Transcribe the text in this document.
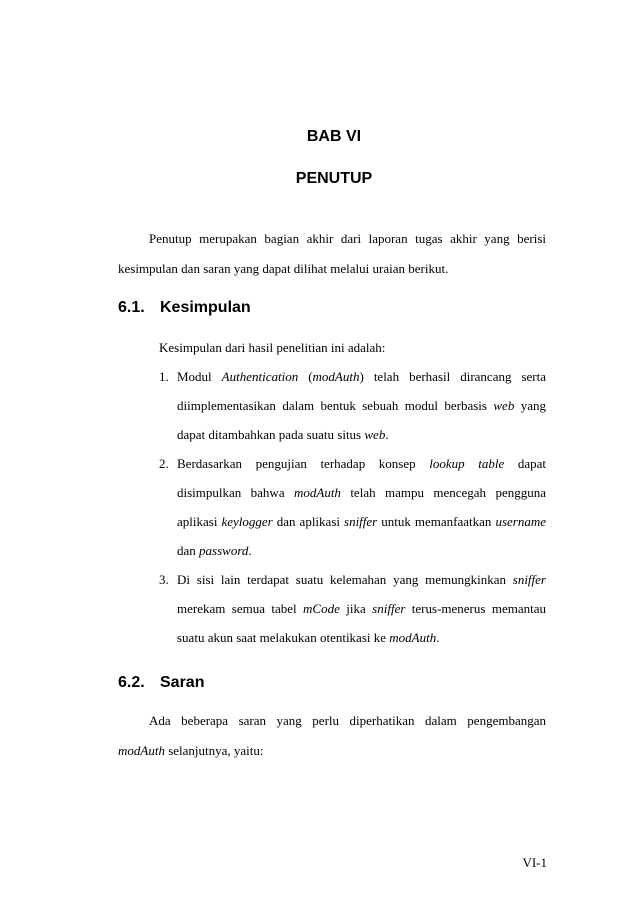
BAB VI
PENUTUP
Penutup merupakan bagian akhir dari laporan tugas akhir yang berisi
kesimpulan dan saran yang dapat dilihat melalui uraian berikut.
6.1. Kesimpulan
Kesimpulan dari hasil penelitian ini adalah:
1. Modul Authentication (modAuth) telah berhasil dirancang serta
diimplementasikan dalam bentuk sebuah modul berbasis web yang
dapat ditambahkan pada suatu situs web.
2. Berdasarkan pengujian terhadap konsep lookup table dapat
disimpulkan bahwa modAuth telah mampu mencegah pengguna
aplikasi keylogger dan aplikasi sniffer untuk memanfaatkan username
dan password.
3. Di sisi lain terdapat suatu kelemahan yang memungkinkan sniffer
merekam semua tabel mCode jika sniffer terus-menerus memantau
suatu akun saat melakukan otentikasi ke modAuth.
6.2. Saran
Ada beberapa saran yang perlu diperhatikan dalam pengembangan
modAuth selanjutnya, yaitu:
VI-1
